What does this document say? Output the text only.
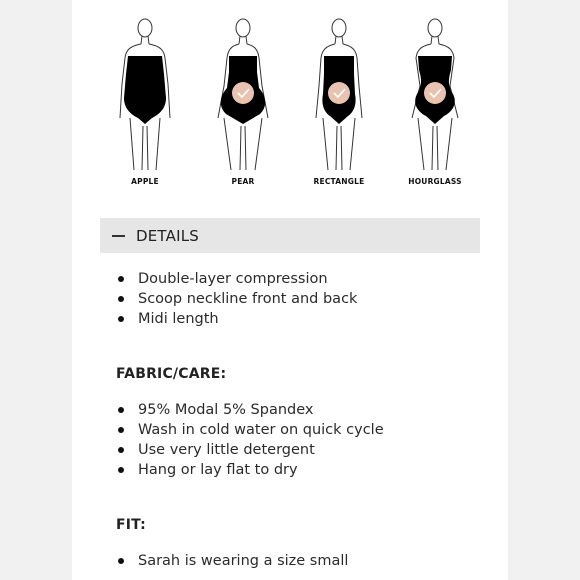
APPLE	PEAR	RECTANGLE	HOURGLASS
DETAILS
Double-layer compression
Scoop neckline front and back
Midi length
FABRIC/CARE:
95% Modal 5% Spandex
Wash in cold water on quick cycle
Use very little detergent
Hang or lay flat to dry
FIT:
Sarah is wearing a size small
